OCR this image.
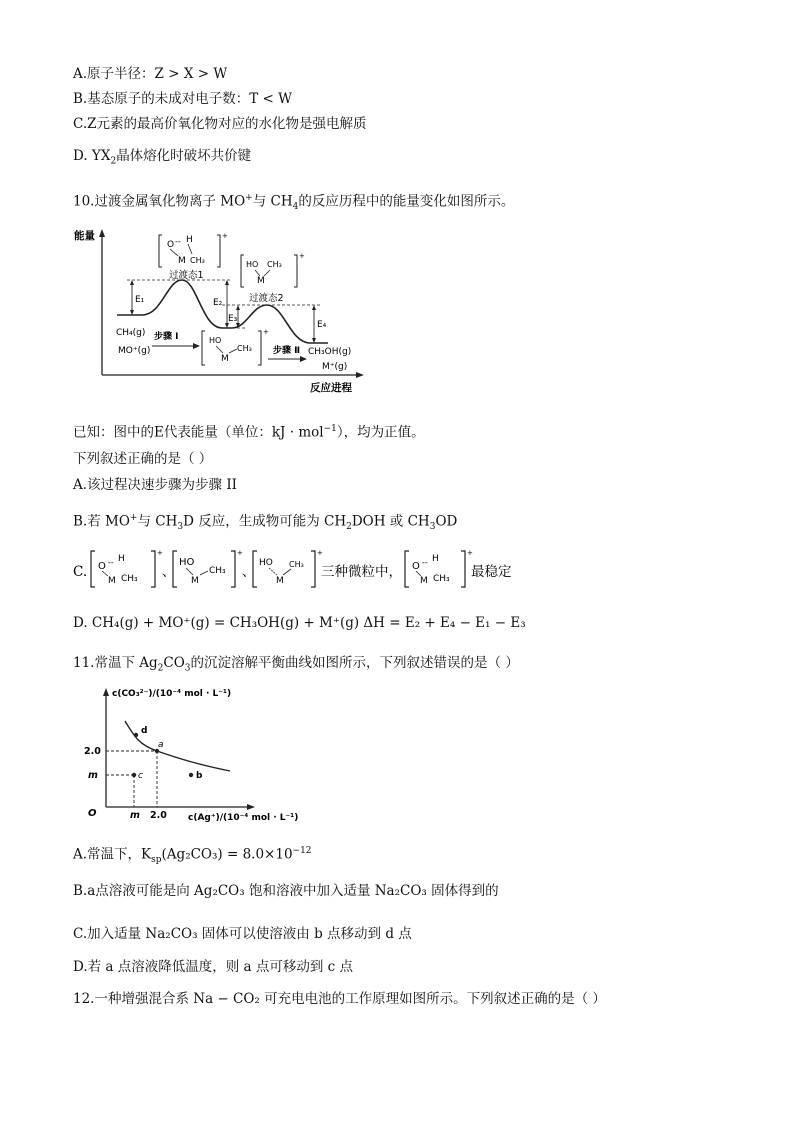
A.原子半径：Z > X > W
B.基态原子的未成对电子数：T < W
C.Z元素的最高价氧化物对应的水化物是强电解质
D. $YX_2$晶体熔化时破坏共价键
10.过渡金属氧化物离子 MO+与 $CH_4$的反应历程中的能量变化如图所示。
能量
反应进程
E₁	E₂
E₃
E₄
+
O -- H
M CH₃
过渡态1
+
HO CH₃
M
过渡态2
+
HO
CH₃
M
CH₄(g)
MO⁺(g)
步骤 Ⅰ
步骤 Ⅱ CH₃OH(g)
M⁺(g)
已知：图中的E代表能量（单位：kJ · mol$^{-1}$），均为正值。
下列叙述正确的是（ ）
A.该过程决速步骤为步骤 II
B.若 MO+与 $CH_3D$ 反应，生成物可能为 $CH_2DOH$ 或 $CH_3OD$
C.
+
O -- H
M CH₃ 、
+
HO
CH₃
M
、
+
HO CH₃
M
三种微粒中，
+
O -- H
M CH₃ 最稳定
D. CH₄(g) + MO⁺(g) = CH₃OH(g) + M⁺(g) ΔH = E₂ + E₄ − E₁ − E₃
11.常温下 $Ag_2CO_3$的沉淀溶解平衡曲线如图所示，下列叙述错误的是（ ）
c(CO₃²⁻)/(10⁻⁴ mol · L⁻¹)
c(Ag⁺)/(10⁻⁴ mol · L⁻¹)
O
2.0
m
2.0
m
d
a
c	b
A.常温下，$K_{sp}(Ag_2CO_3) = 8.0\times 10^{-12}$
B.a点溶液可能是向 Ag₂CO₃ 饱和溶液中加入适量 Na₂CO₃ 固体得到的
C.加入适量 Na₂CO₃ 固体可以使溶液由 b 点移动到 d 点
D.若 a 点溶液降低温度，则 a 点可移动到 c 点
12.一种增强混合系 Na − CO₂ 可充电电池的工作原理如图所示。下列叙述正确的是（ ）
